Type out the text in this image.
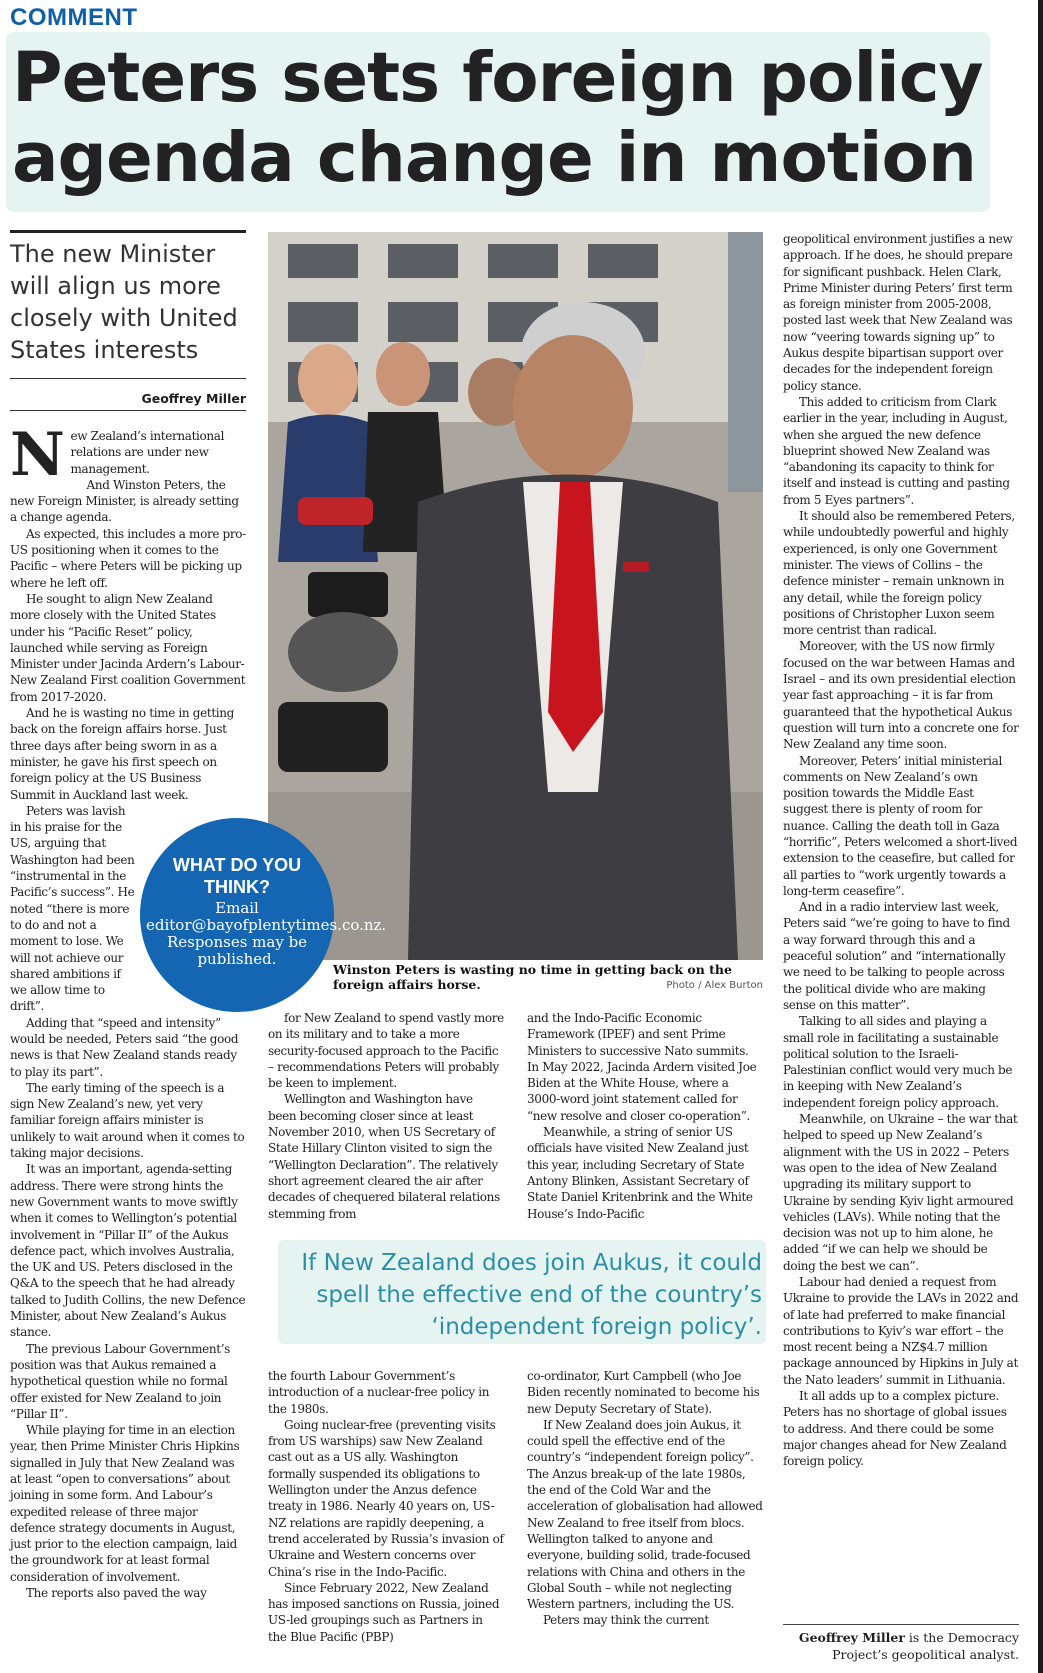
COMMENT
Peters sets foreign policy agenda change in motion
The new Minister will align us more closely with United States interests
Geoffrey Miller

New Zealand’s international relations are under new management.

And Winston Peters, the new Foreign Minister, is already setting a change agenda.

As expected, this includes a more pro-US positioning when it comes to the Pacific – where Peters will be picking up where he left off.

He sought to align New Zealand more closely with the United States under his “Pacific Reset” policy, launched while serving as Foreign Minister under Jacinda Ardern’s Labour-New Zealand First coalition Government from 2017-2020.

And he is wasting no time in getting back on the foreign affairs horse. Just three days after being sworn in as a minister, he gave his first speech on foreign policy at the US Business Summit in Auckland last week.

Peters was lavish in his praise for the US, arguing that Washington had been “instrumental in the Pacific’s success”. He noted “there is more to do and not a moment to lose. We will not achieve our shared ambitions if we allow time to drift”.

Adding that “speed and intensity” would be needed, Peters said “the good news is that New Zealand stands ready to play its part”.

The early timing of the speech is a sign New Zealand’s new, yet very familiar foreign affairs minister is unlikely to wait around when it comes to taking major decisions.

It was an important, agenda-setting address. There were strong hints the new Government wants to move swiftly when it comes to Wellington’s potential involvement in “Pillar II” of the Aukus defence pact, which involves Australia, the UK and US. Peters disclosed in the Q&A to the speech that he had already talked to Judith Collins, the new Defence Minister, about New Zealand’s Aukus stance.

The previous Labour Government’s position was that Aukus remained a hypothetical question while no formal offer existed for New Zealand to join “Pillar II”.

While playing for time in an election year, then Prime Minister Chris Hipkins signalled in July that New Zealand was at least “open to conversations” about joining in some form. And Labour’s expedited release of three major defence strategy documents in August, just prior to the election campaign, laid the groundwork for at least formal consideration of involvement.

The reports also paved the way

Winston Peters is wasting no time in getting back on the foreign affairs horse.	Photo / Alex Burton
WHAT DO YOU THINK?
Email editor@bayofplentytimes.co.nz. Responses may be published.

for New Zealand to spend vastly more on its military and to take a more security-focused approach to the Pacific – recommendations Peters will probably be keen to implement.

Wellington and Washington have been becoming closer since at least November 2010, when US Secretary of State Hillary Clinton visited to sign the “Wellington Declaration”. The relatively short agreement cleared the air after decades of chequered bilateral relations stemming from

and the Indo-Pacific Economic Framework (IPEF) and sent Prime Ministers to successive Nato summits. In May 2022, Jacinda Ardern visited Joe Biden at the White House, where a 3000-word joint statement called for “new resolve and closer co-operation”.

Meanwhile, a string of senior US officials have visited New Zealand just this year, including Secretary of State Antony Blinken, Assistant Secretary of State Daniel Kritenbrink and the White House’s Indo-Pacific

If New Zealand does join Aukus, it could spell the effective end of the country’s ‘independent foreign policy’.

the fourth Labour Government’s introduction of a nuclear-free policy in the 1980s.

Going nuclear-free (preventing visits from US warships) saw New Zealand cast out as a US ally. Washington formally suspended its obligations to Wellington under the Anzus defence treaty in 1986. Nearly 40 years on, US-NZ relations are rapidly deepening, a trend accelerated by Russia’s invasion of Ukraine and Western concerns over China’s rise in the Indo-Pacific.

Since February 2022, New Zealand has imposed sanctions on Russia, joined US-led groupings such as Partners in the Blue Pacific (PBP)

co-ordinator, Kurt Campbell (who Joe Biden recently nominated to become his new Deputy Secretary of State).

If New Zealand does join Aukus, it could spell the effective end of the country’s “independent foreign policy”. The Anzus break-up of the late 1980s, the end of the Cold War and the acceleration of globalisation had allowed New Zealand to free itself from blocs. Wellington talked to anyone and everyone, building solid, trade-focused relations with China and others in the Global South – while not neglecting Western partners, including the US.

Peters may think the current

geopolitical environment justifies a new approach. If he does, he should prepare for significant pushback. Helen Clark, Prime Minister during Peters’ first term as foreign minister from 2005-2008, posted last week that New Zealand was now “veering towards signing up” to Aukus despite bipartisan support over decades for the independent foreign policy stance.

This added to criticism from Clark earlier in the year, including in August, when she argued the new defence blueprint showed New Zealand was “abandoning its capacity to think for itself and instead is cutting and pasting from 5 Eyes partners”.

It should also be remembered Peters, while undoubtedly powerful and highly experienced, is only one Government minister. The views of Collins – the defence minister – remain unknown in any detail, while the foreign policy positions of Christopher Luxon seem more centrist than radical.

Moreover, with the US now firmly focused on the war between Hamas and Israel – and its own presidential election year fast approaching – it is far from guaranteed that the hypothetical Aukus question will turn into a concrete one for New Zealand any time soon.

Moreover, Peters’ initial ministerial comments on New Zealand’s own position towards the Middle East suggest there is plenty of room for nuance. Calling the death toll in Gaza “horrific”, Peters welcomed a short-lived extension to the ceasefire, but called for all parties to “work urgently towards a long-term ceasefire”.

And in a radio interview last week, Peters said “we’re going to have to find a way forward through this and a peaceful solution” and “internationally we need to be talking to people across the political divide who are making sense on this matter”.

Talking to all sides and playing a small role in facilitating a sustainable political solution to the Israeli-Palestinian conflict would very much be in keeping with New Zealand’s independent foreign policy approach.

Meanwhile, on Ukraine – the war that helped to speed up New Zealand’s alignment with the US in 2022 – Peters was open to the idea of New Zealand upgrading its military support to Ukraine by sending Kyiv light armoured vehicles (LAVs). While noting that the decision was not up to him alone, he added “if we can help we should be doing the best we can”.

Labour had denied a request from Ukraine to provide the LAVs in 2022 and of late had preferred to make financial contributions to Kyiv’s war effort – the most recent being a NZ$4.7 million package announced by Hipkins in July at the Nato leaders’ summit in Lithuania.

It all adds up to a complex picture. Peters has no shortage of global issues to address. And there could be some major changes ahead for New Zealand foreign policy.

Geoffrey Miller is the Democracy Project’s geopolitical analyst.
